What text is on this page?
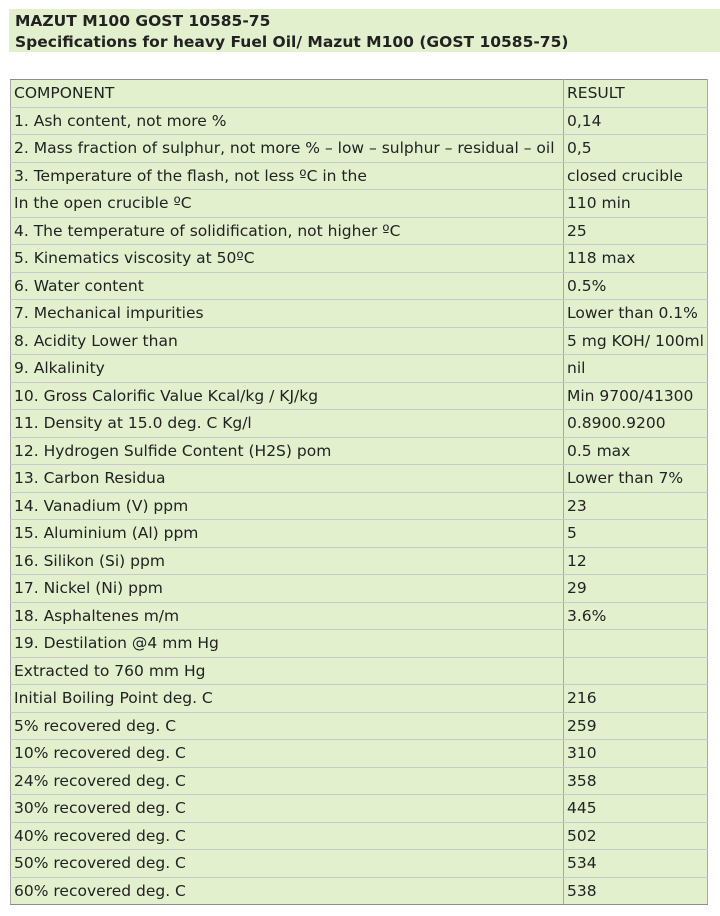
MAZUT M100 GOST 10585-75
Specifications for heavy Fuel Oil/ Mazut M100 (GOST 10585-75)
COMPONENT	RESULT
1. Ash content, not more %	0,14
2. Mass fraction of sulphur, not more % – low – sulphur – residual – oil	0,5
3. Temperature of the flash, not less ºC in the	closed crucible
In the open crucible ºC	110 min
4. The temperature of solidification, not higher ºC	25
5. Kinematics viscosity at 50ºC	118 max
6. Water content	0.5%
7. Mechanical impurities	Lower than 0.1%
8. Acidity Lower than	5 mg KOH/ 100ml
9. Alkalinity	nil
10. Gross Calorific Value Kcal/kg / KJ/kg	Min 9700/41300
11. Density at 15.0 deg. C Kg/l	0.8900.9200
12. Hydrogen Sulfide Content (H2S) pom	0.5 max
13. Carbon Residua	Lower than 7%
14. Vanadium (V) ppm	23
15. Aluminium (Al) ppm	5
16. Silikon (Si) ppm	12
17. Nickel (Ni) ppm	29
18. Asphaltenes m/m	3.6%
19. Destilation @4 mm Hg	
Extracted to 760 mm Hg	
Initial Boiling Point deg. C	216
5% recovered deg. C	259
10% recovered deg. C	310
24% recovered deg. C	358
30% recovered deg. C	445
40% recovered deg. C	502
50% recovered deg. C	534
60% recovered deg. C	538
